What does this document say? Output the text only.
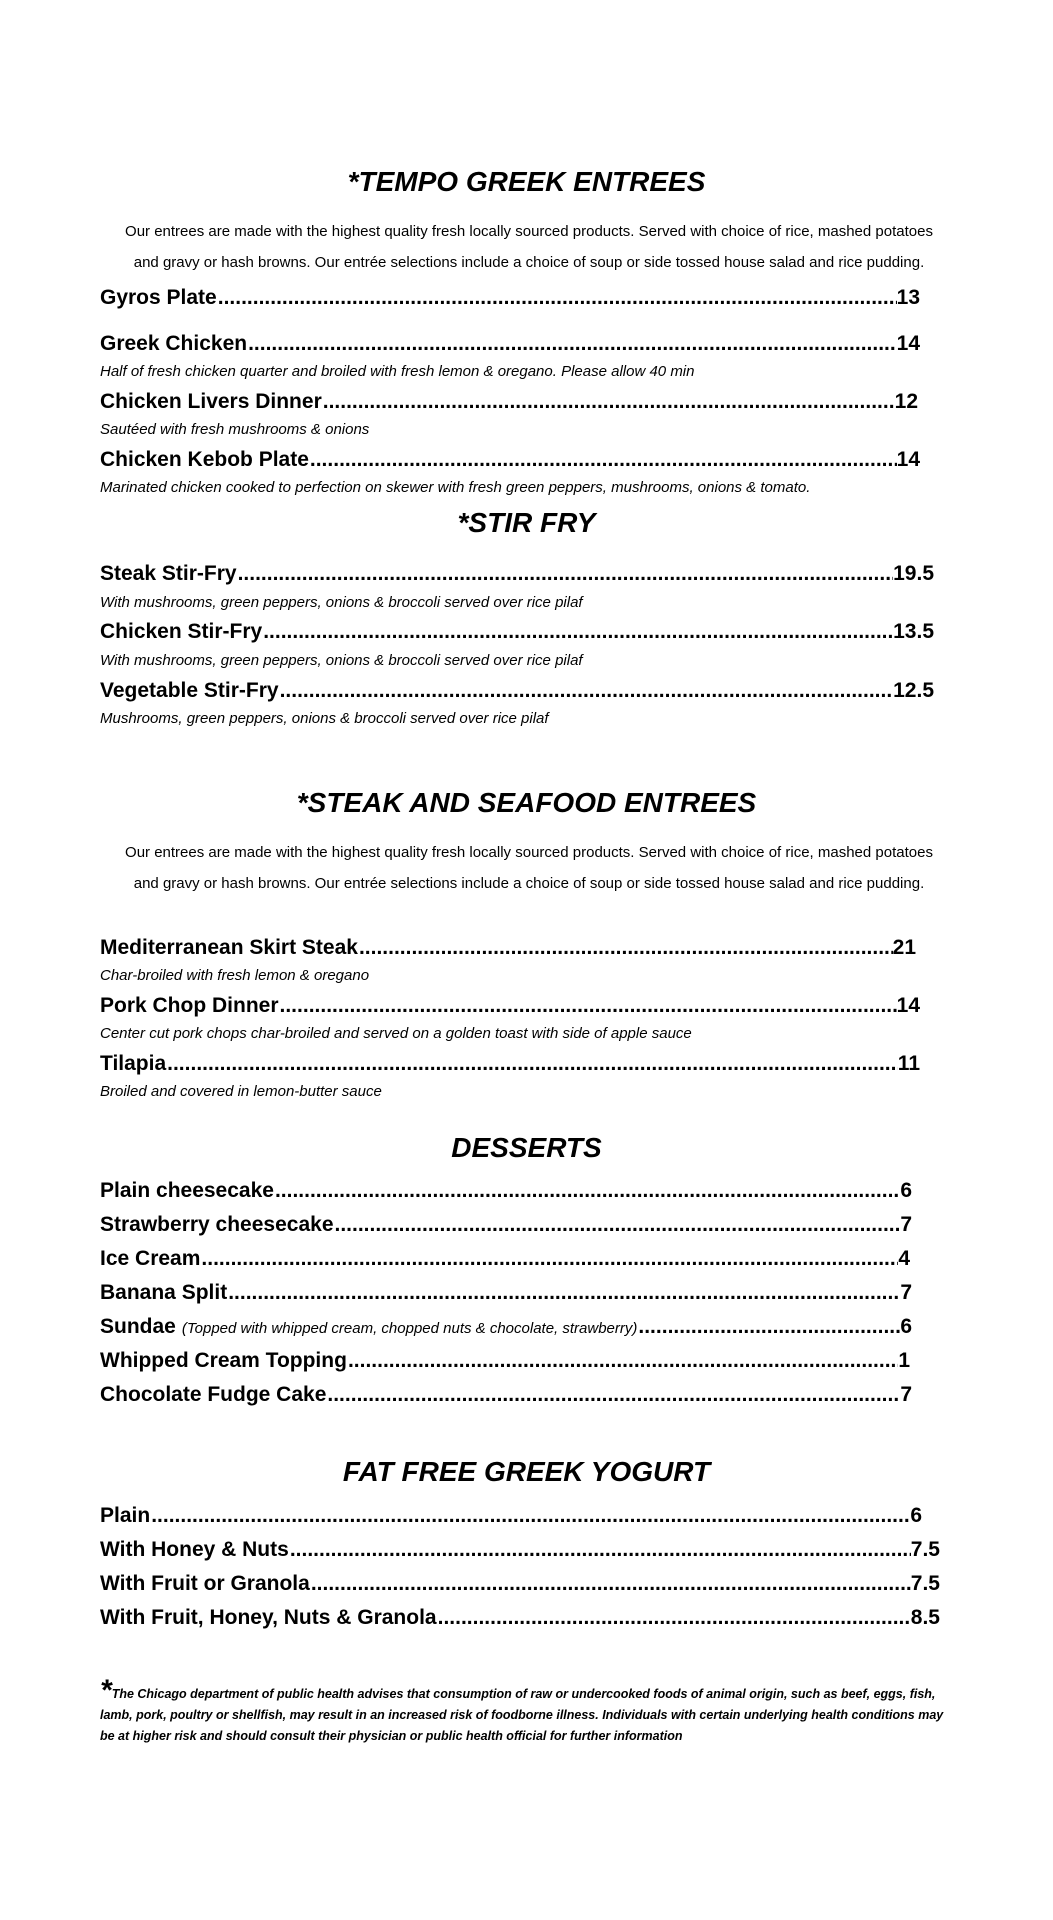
*TEMPO GREEK ENTREES
Our entrees are made with the highest quality fresh locally sourced products. Served with choice of rice, mashed potatoes
and gravy or hash browns. Our entrée selections include a choice of soup or side tossed house salad and rice pudding.
Gyros Plate .....	13
Greek Chicken .....	14
Half of fresh chicken quarter and broiled with fresh lemon & oregano. Please allow 40 min
Chicken Livers Dinner .....	12
Sautéed with fresh mushrooms & onions
Chicken Kebob Plate .....	14
Marinated chicken cooked to perfection on skewer with fresh green peppers, mushrooms, onions & tomato.
*STIR FRY
Steak Stir-Fry .....	19.5
With mushrooms, green peppers, onions & broccoli served over rice pilaf
Chicken Stir-Fry .....	13.5
With mushrooms, green peppers, onions & broccoli served over rice pilaf
Vegetable Stir-Fry .....	12.5
Mushrooms, green peppers, onions & broccoli served over rice pilaf
*STEAK AND SEAFOOD ENTREES
Our entrees are made with the highest quality fresh locally sourced products. Served with choice of rice, mashed potatoes
and gravy or hash browns. Our entrée selections include a choice of soup or side tossed house salad and rice pudding.
Mediterranean Skirt Steak .....	21
Char-broiled with fresh lemon & oregano
Pork Chop Dinner .....	14
Center cut pork chops char-broiled and served on a golden toast with side of apple sauce
Tilapia .....	11
Broiled and covered in lemon-butter sauce
DESSERTS
Plain cheesecake .....	6
Strawberry cheesecake .....	7
Ice Cream .....	4
Banana Split .....	7
Sundae (Topped with whipped cream, chopped nuts & chocolate, strawberry) .....	6
Whipped Cream Topping .....	1
Chocolate Fudge Cake .....	7
FAT FREE GREEK YOGURT
Plain .....	6
With Honey & Nuts .....	7.5
With Fruit or Granola .....	7.5
With Fruit, Honey, Nuts & Granola .....	8.5
*The Chicago department of public health advises that consumption of raw or undercooked foods of animal origin, such as beef, eggs, fish, lamb, pork, poultry or shellfish, may result in an increased risk of foodborne illness. Individuals with certain underlying health conditions may be at higher risk and should consult their physician or public health official for further information
